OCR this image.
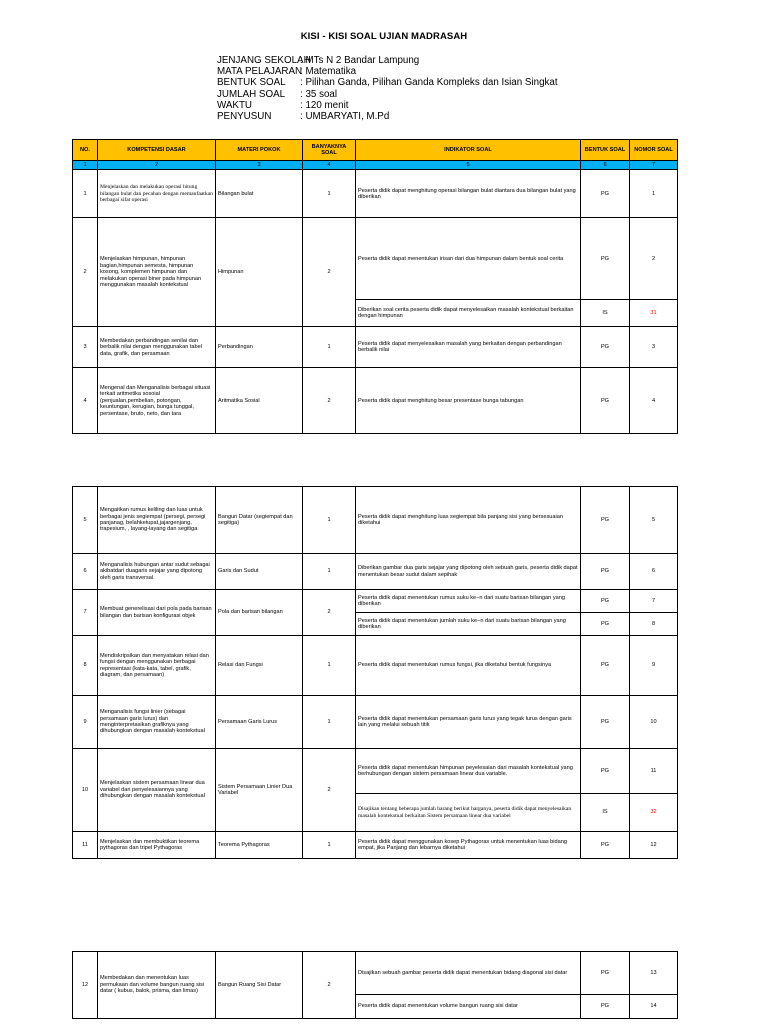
KISI - KISI SOAL UJIAN MADRASAH
JENJANG SEKOLAH
: MTs N 2 Bandar Lampung
MATA PELAJARAN
: Matematika
BENTUK SOAL	: Pilihan Ganda, Pilihan Ganda Kompleks dan Isian Singkat
JUMLAH SOAL	: 35 soal
WAKTU	: 120 menit
PENYUSUN	: UMBARYATI, M.Pd
NO.	KOMPETENSI DASAR	MATERI POKOK	BANYAKNYA SOAL	INDIKATOR SOAL	BENTUK SOAL	NOMOR SOAL
1	2	3	4	5	6	7
1	Menjelaskan dan melakukan operasi hitung bilangan bulat dan pecahan dengan memanfaatkan berbagai sifat operasi	Bilangan bulat	1	Peserta didik dapat menghitung operasi bilangan bulat diantara dua bilangan bulat yang diberikan	PG	1
2	Menjelaskan himpunan, himpunan bagian,himpunan semesta, himpunan kosong, komplemen himpunan dan melakukan operasi biner pada himpunan menggunakan masalah kontekstual	Himpunan	2	Peserta didik dapat menentukan irisan dari dua himpunan dalam bentuk soal cerita	PG	2
				Diberikan soal cerita peserta didik dapat menyelesaikan masalah kontekstual berkaitan dengan himpunan	IS	31
3	Membedakan perbandingan senilai dan berbalik nilai dengan menggunakan tabel data, grafik, dan persamaan	Perbandingan	1	Peserta didik dapat menyelesaikan masalah yang berkaitan dengan perbandingan berbalik nilai	PG	3
4	Mengenal dan Menganalisis berbagai situasi terkait aritmetika sosoial (penjualan,pembelian, potongan, keuntungan, kerugian, bunga tunggal, persentase, bruto, neto, dan tara	Aritmatika Sosial	2	Peserta didik dapat menghitung besar presentase bunga tabungan	PG	4
5	Mengaitkan rumus keliling dan luas untuk berbagai jenis segiempat (persegi, persegi panjanag, belahketupat,jajargenjang, trapesium, , layang-layang dan segitiga	Bangun Datar (segiempat dan segitiga)	1	Peserta didik dapat menghitung luas segiempat bila panjang sisi yang bersesuaian diketahui	PG	5
6	Menganalisis hubungan antar sudut sebagai akibatdari duagaris sejajar yang dipotong oleh garis transversal.	Garis dan Sudut	1	Diberikan gambar dua garis sejajar yang dipotong oleh sebuah garis, peserta didik dapat menentukan besar sudut dalam sepihak	PG	6
7	Membuat generelisasi dari pola pada barisan bilangan dan barisan konfigurasi objek	Pola dan barisan bilangan	2	Peserta didik dapat menentukan rumus suku ke−n dari suatu barisan bilangan yang diberikan	PG	7
				Peserta didik dapat menentukan jumlah suku ke−n dari suatu barisan bilangan yang diberikan	PG	8
8	Mendiskripsikan dan menyatakan relasi dan fungsi dengan menggunakan berbagai representasi (kata-kata, tabel, grafik, diagram, dan persamaan)	Relasi dan Fungsi	1	Peserta didik dapat menentukan rumus fungsi, jika diketahui bentuk fungsinya	PG	9
9	Menganalisis fungsi linier (sebagai persamaan garis lurus) dan menginterpretasikan grafiknya yang dihubungkan dengan masalah kontekstual	Persamaan Garis Lurus	1	Peserta didik dapat menentukan persamaan garis lurus yang tegak lurus dengan garis lain yang melalui sebuah titik	PG	10
10	Menjelaskan sistem persamaan linear dua variabel dan penyelesaiannya yang dihubungkan dengan masalah kontekstual	Sistem Persamaan Linier Dua Variabel	2	Peserta didik dapat menentukan himpunan peyelesaian dari masalah kontekstual yang berhubungan dengan sistem persamaan linear dua variable.	PG	11
				Disajikan tentang beberapa jumlah barang berikut harganya, peserta didik dapat menyelesaikan masalah kontekstual berkaitan Sistem persamaan linear dua variabel	IS	32
11	Menjelaskan dan membuktikan teorema pythagoras dan tripel Pythagoras	Teorema Pythagoras	1	Peserta didik dapat menggunakan kosep Pythagoras untuk menentukan luas bidang empat, jika Panjang dan lebarnya diketahui	PG	12
12	Membedakan dan menentukan luas permukaan dan volume bangun ruang sisi datar ( kubus, balok, prisma, dan limas)	Bangun Ruang Sisi Datar	2	Disajikan sebuah gambar peserta didik dapat menentukan bidang diagonal sisi datar	PG	13
				Peserta didik dapat menentukan volume bangun ruang sisi datar	PG	14
